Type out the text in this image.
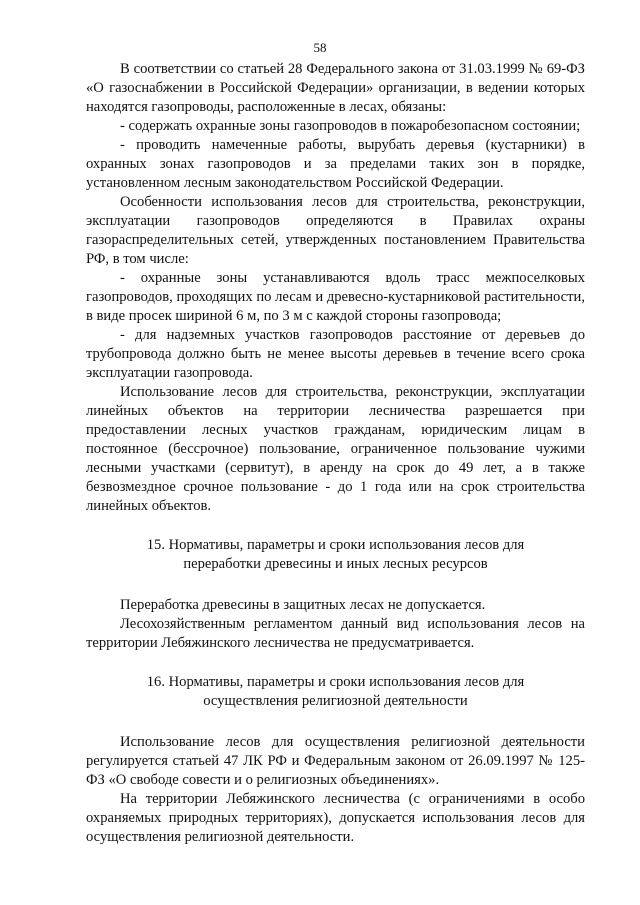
58

В соответствии со статьей 28 Федерального закона от 31.03.1999 № 69-ФЗ «О газоснабжении в Российской Федерации» организации, в ведении которых находятся газопроводы, расположенные в лесах, обязаны:

- содержать охранные зоны газопроводов в пожаробезопасном состоянии;

- проводить намеченные работы, вырубать деревья (кустарники) в охранных зонах газопроводов и за пределами таких зон в порядке, установленном лесным законодательством Российской Федерации.

Особенности использования лесов для строительства, реконструкции, эксплуатации газопроводов определяются в Правилах охраны газораспределительных сетей, утвержденных постановлением Правительства РФ, в том числе:

- охранные зоны устанавливаются вдоль трасс межпоселковых газопроводов, проходящих по лесам и древесно-кустарниковой растительности, в виде просек шириной 6 м, по 3 м с каждой стороны газопровода;

- для надземных участков газопроводов расстояние от деревьев до трубопровода должно быть не менее высоты деревьев в течение всего срока эксплуатации газопровода.

Использование лесов для строительства, реконструкции, эксплуатации линейных объектов на территории лесничества разрешается при предоставлении лесных участков гражданам, юридическим лицам в постоянное (бессрочное) пользование, ограниченное пользование чужими лесными участками (сервитут), в аренду на срок до 49 лет, а в также безвозмездное срочное пользование - до 1 года или на срок строительства линейных объектов.

15. Нормативы, параметры и сроки использования лесов для

переработки древесины и иных лесных ресурсов

Переработка древесины в защитных лесах не допускается.

Лесохозяйственным регламентом данный вид использования лесов на территории Лебяжинского лесничества не предусматривается.

16. Нормативы, параметры и сроки использования лесов для

осуществления религиозной деятельности

Использование лесов для осуществления религиозной деятельности регулируется статьей 47 ЛК РФ и Федеральным законом от 26.09.1997 № 125-ФЗ «О свободе совести и о религиозных объединениях».

На территории Лебяжинского лесничества (с ограничениями в особо охраняемых природных территориях), допускается использования лесов для осуществления религиозной деятельности.
